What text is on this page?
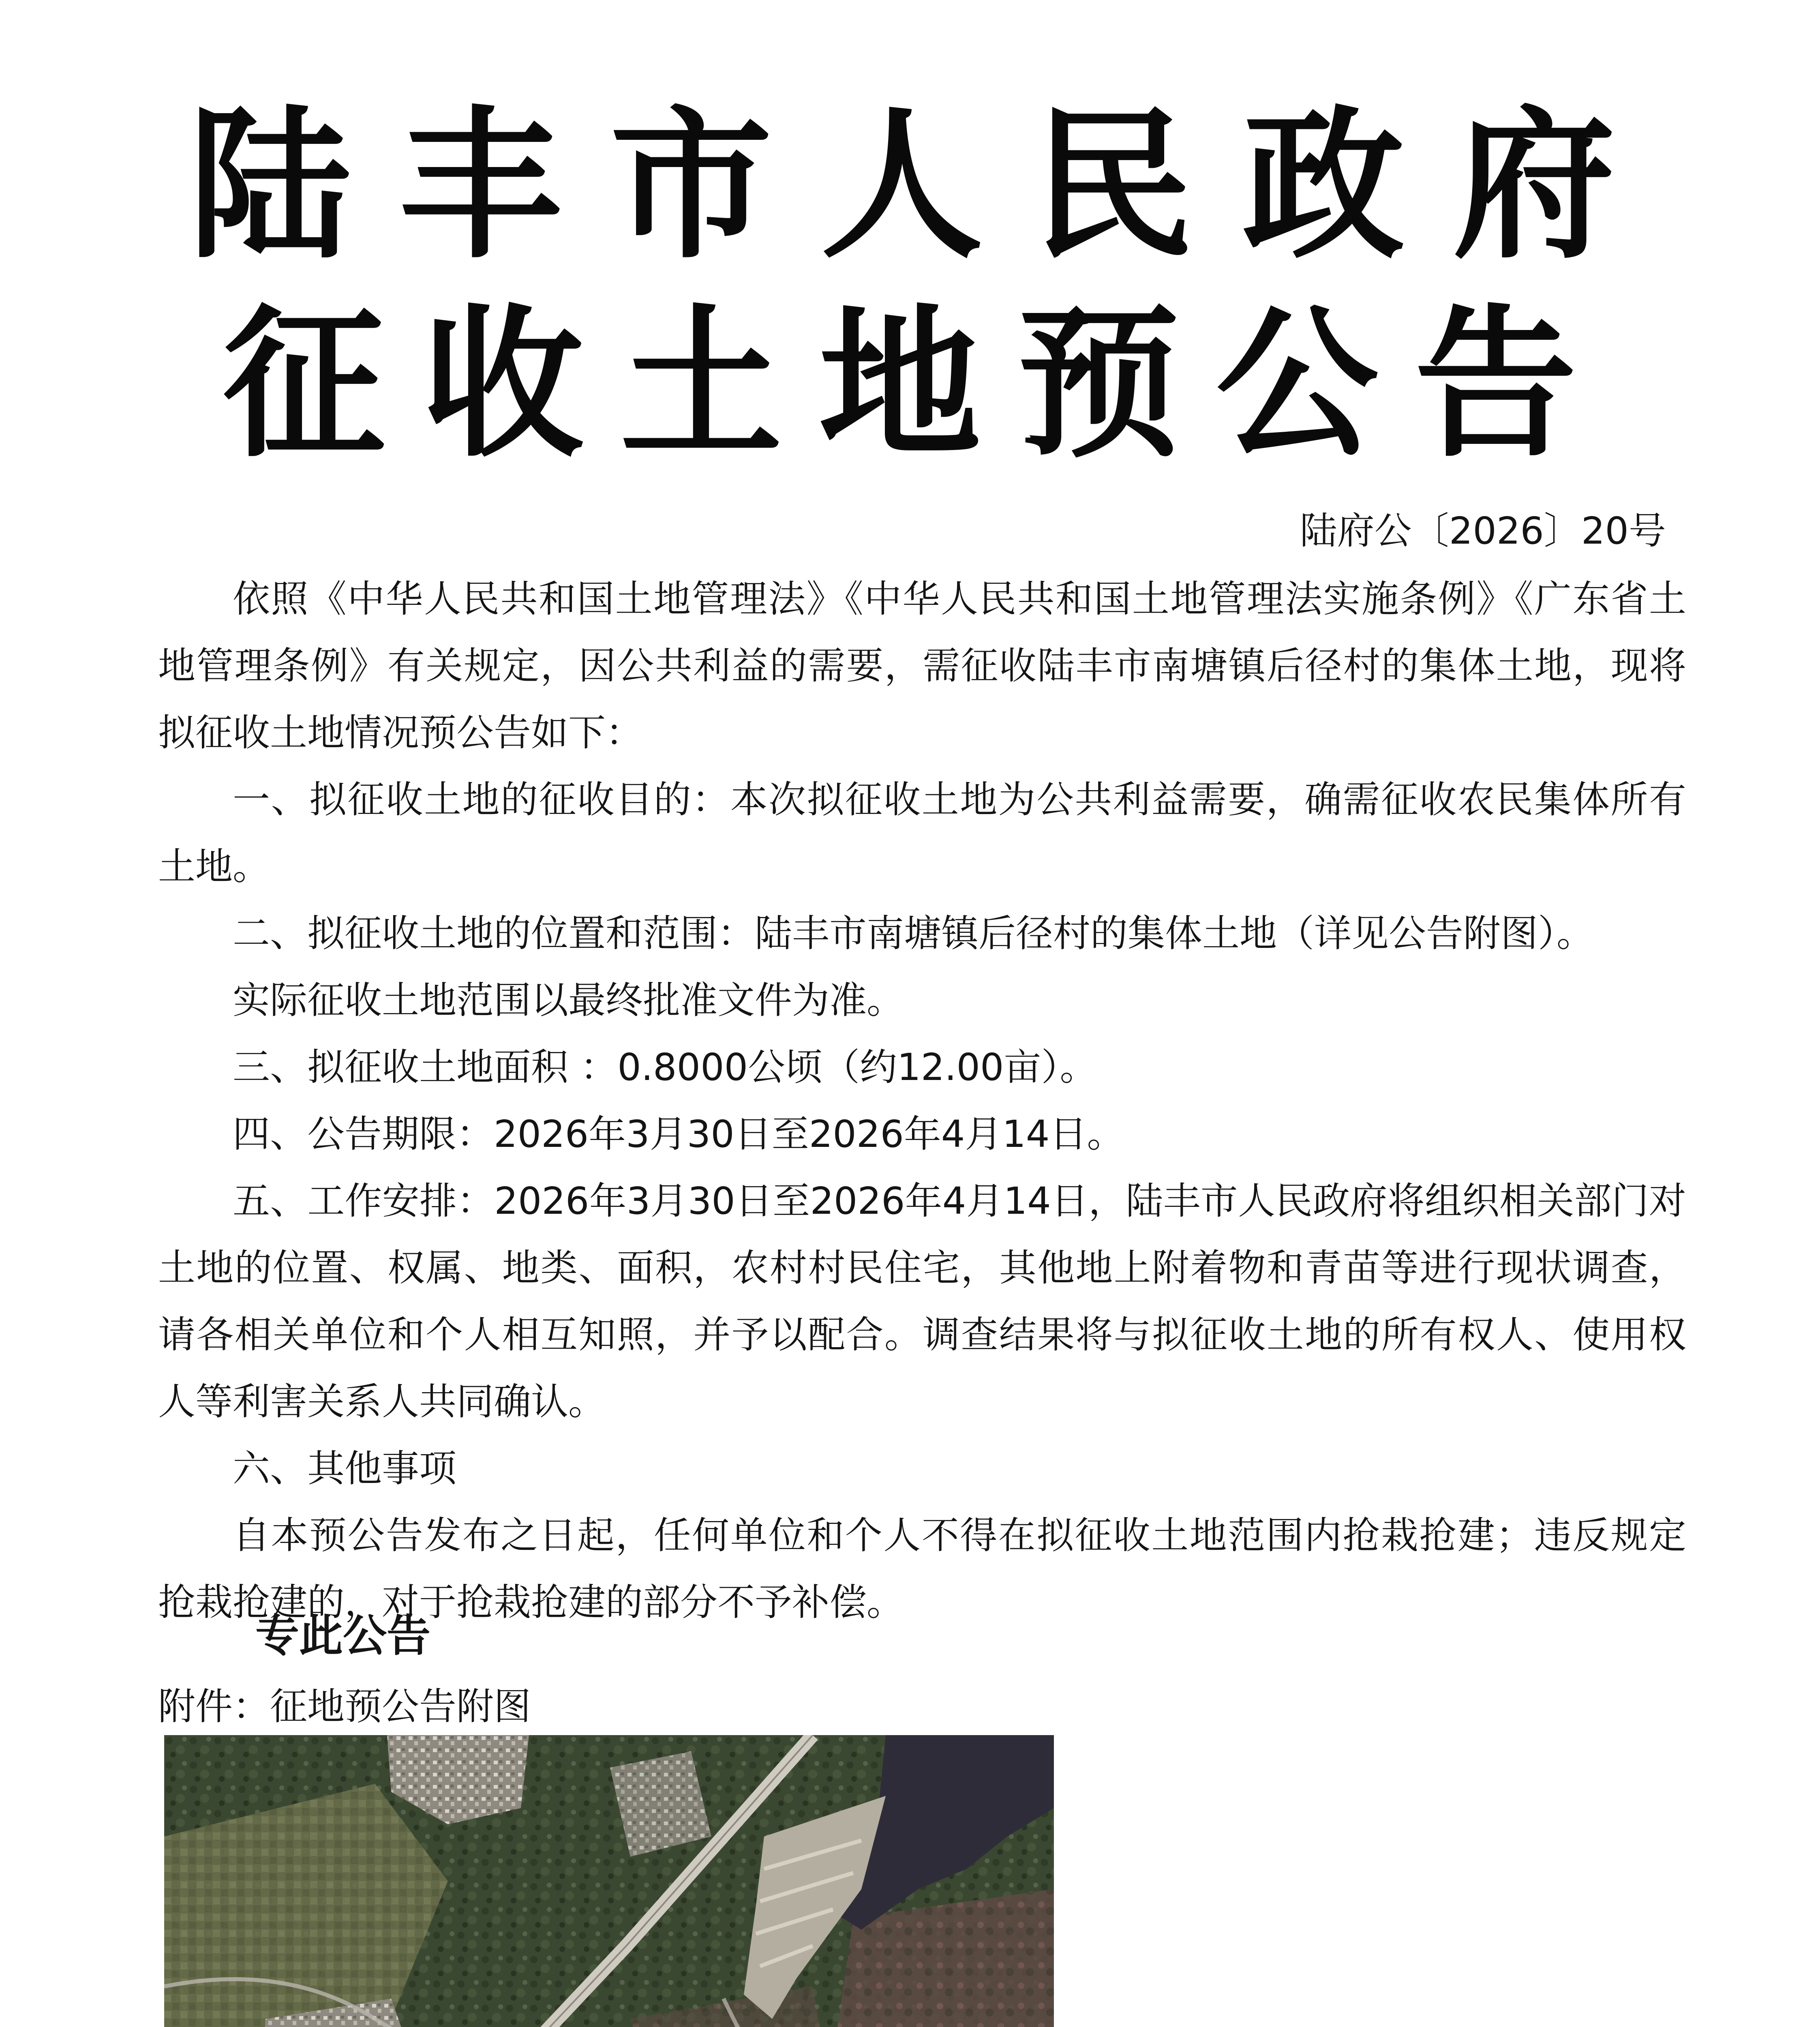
陆丰市人民政府
征收土地预公告
陆府公〔2026〕20号

依照《中华人民共和国土地管理法》《中华人民共和国土地管理法实施条例》《广东省土地管理条例》有关规定，因公共利益的需要，需征收陆丰市南塘镇后径村的集体土地，现将拟征收土地情况预公告如下：

一、拟征收土地的征收目的：本次拟征收土地为公共利益需要，确需征收农民集体所有土地。

二、拟征收土地的位置和范围：陆丰市南塘镇后径村的集体土地（详见公告附图）。

实际征收土地范围以最终批准文件为准。

三、拟征收土地面积 ：0.8000公顷（约12.00亩）。

四、公告期限：2026年3月30日至2026年4月14日。

五、工作安排：2026年3月30日至2026年4月14日，陆丰市人民政府将组织相关部门对土地的位置、权属、地类、面积，农村村民住宅，其他地上附着物和青苗等进行现状调查，请各相关单位和个人相互知照，并予以配合。调查结果将与拟征收土地的所有权人、使用权人等利害关系人共同确认。

六、其他事项

自本预公告发布之日起，任何单位和个人不得在拟征收土地范围内抢栽抢建；违反规定抢栽抢建的，对于抢栽抢建的部分不予补偿。

专此公告
附件：征地预公告附图
